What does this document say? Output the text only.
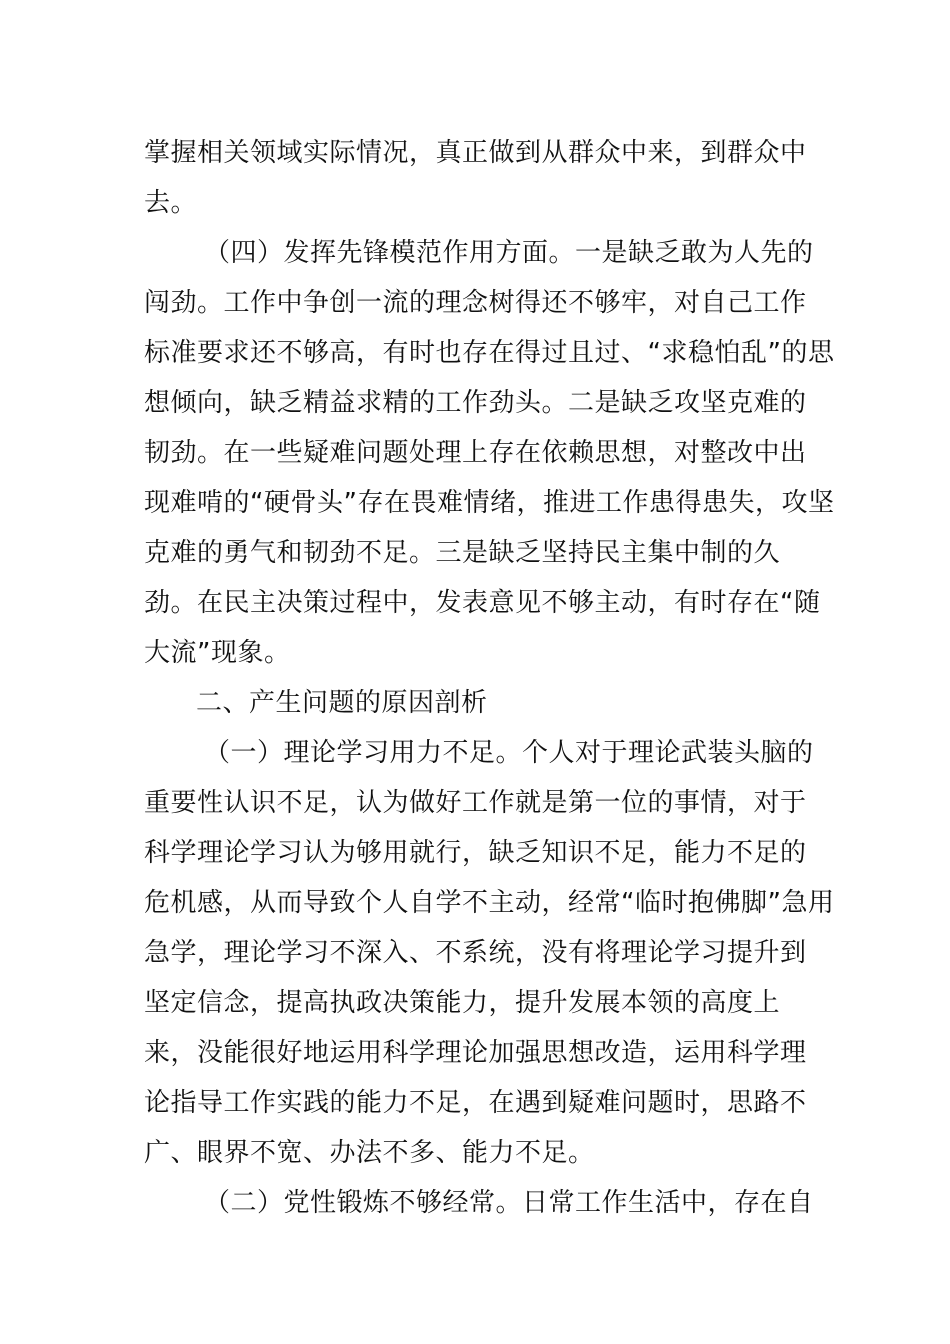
掌握相关领域实际情况，真正做到从群众中来，到群众中
去。
（四）发挥先锋模范作用方面。一是缺乏敢为人先的
闯劲。工作中争创一流的理念树得还不够牢，对自己工作
标准要求还不够高，有时也存在得过且过、“求稳怕乱”的思
想倾向，缺乏精益求精的工作劲头。二是缺乏攻坚克难的
韧劲。在一些疑难问题处理上存在依赖思想，对整改中出
现难啃的“硬骨头”存在畏难情绪，推进工作患得患失，攻坚
克难的勇气和韧劲不足。三是缺乏坚持民主集中制的久
劲。在民主决策过程中，发表意见不够主动，有时存在“随
大流”现象。
二、产生问题的原因剖析
（一）理论学习用力不足。个人对于理论武装头脑的
重要性认识不足，认为做好工作就是第一位的事情，对于
科学理论学习认为够用就行，缺乏知识不足，能力不足的
危机感，从而导致个人自学不主动，经常“临时抱佛脚”急用
急学，理论学习不深入、不系统，没有将理论学习提升到
坚定信念，提高执政决策能力，提升发展本领的高度上
来，没能很好地运用科学理论加强思想改造，运用科学理
论指导工作实践的能力不足，在遇到疑难问题时，思路不
广、眼界不宽、办法不多、能力不足。
（二）党性锻炼不够经常。日常工作生活中，存在自
